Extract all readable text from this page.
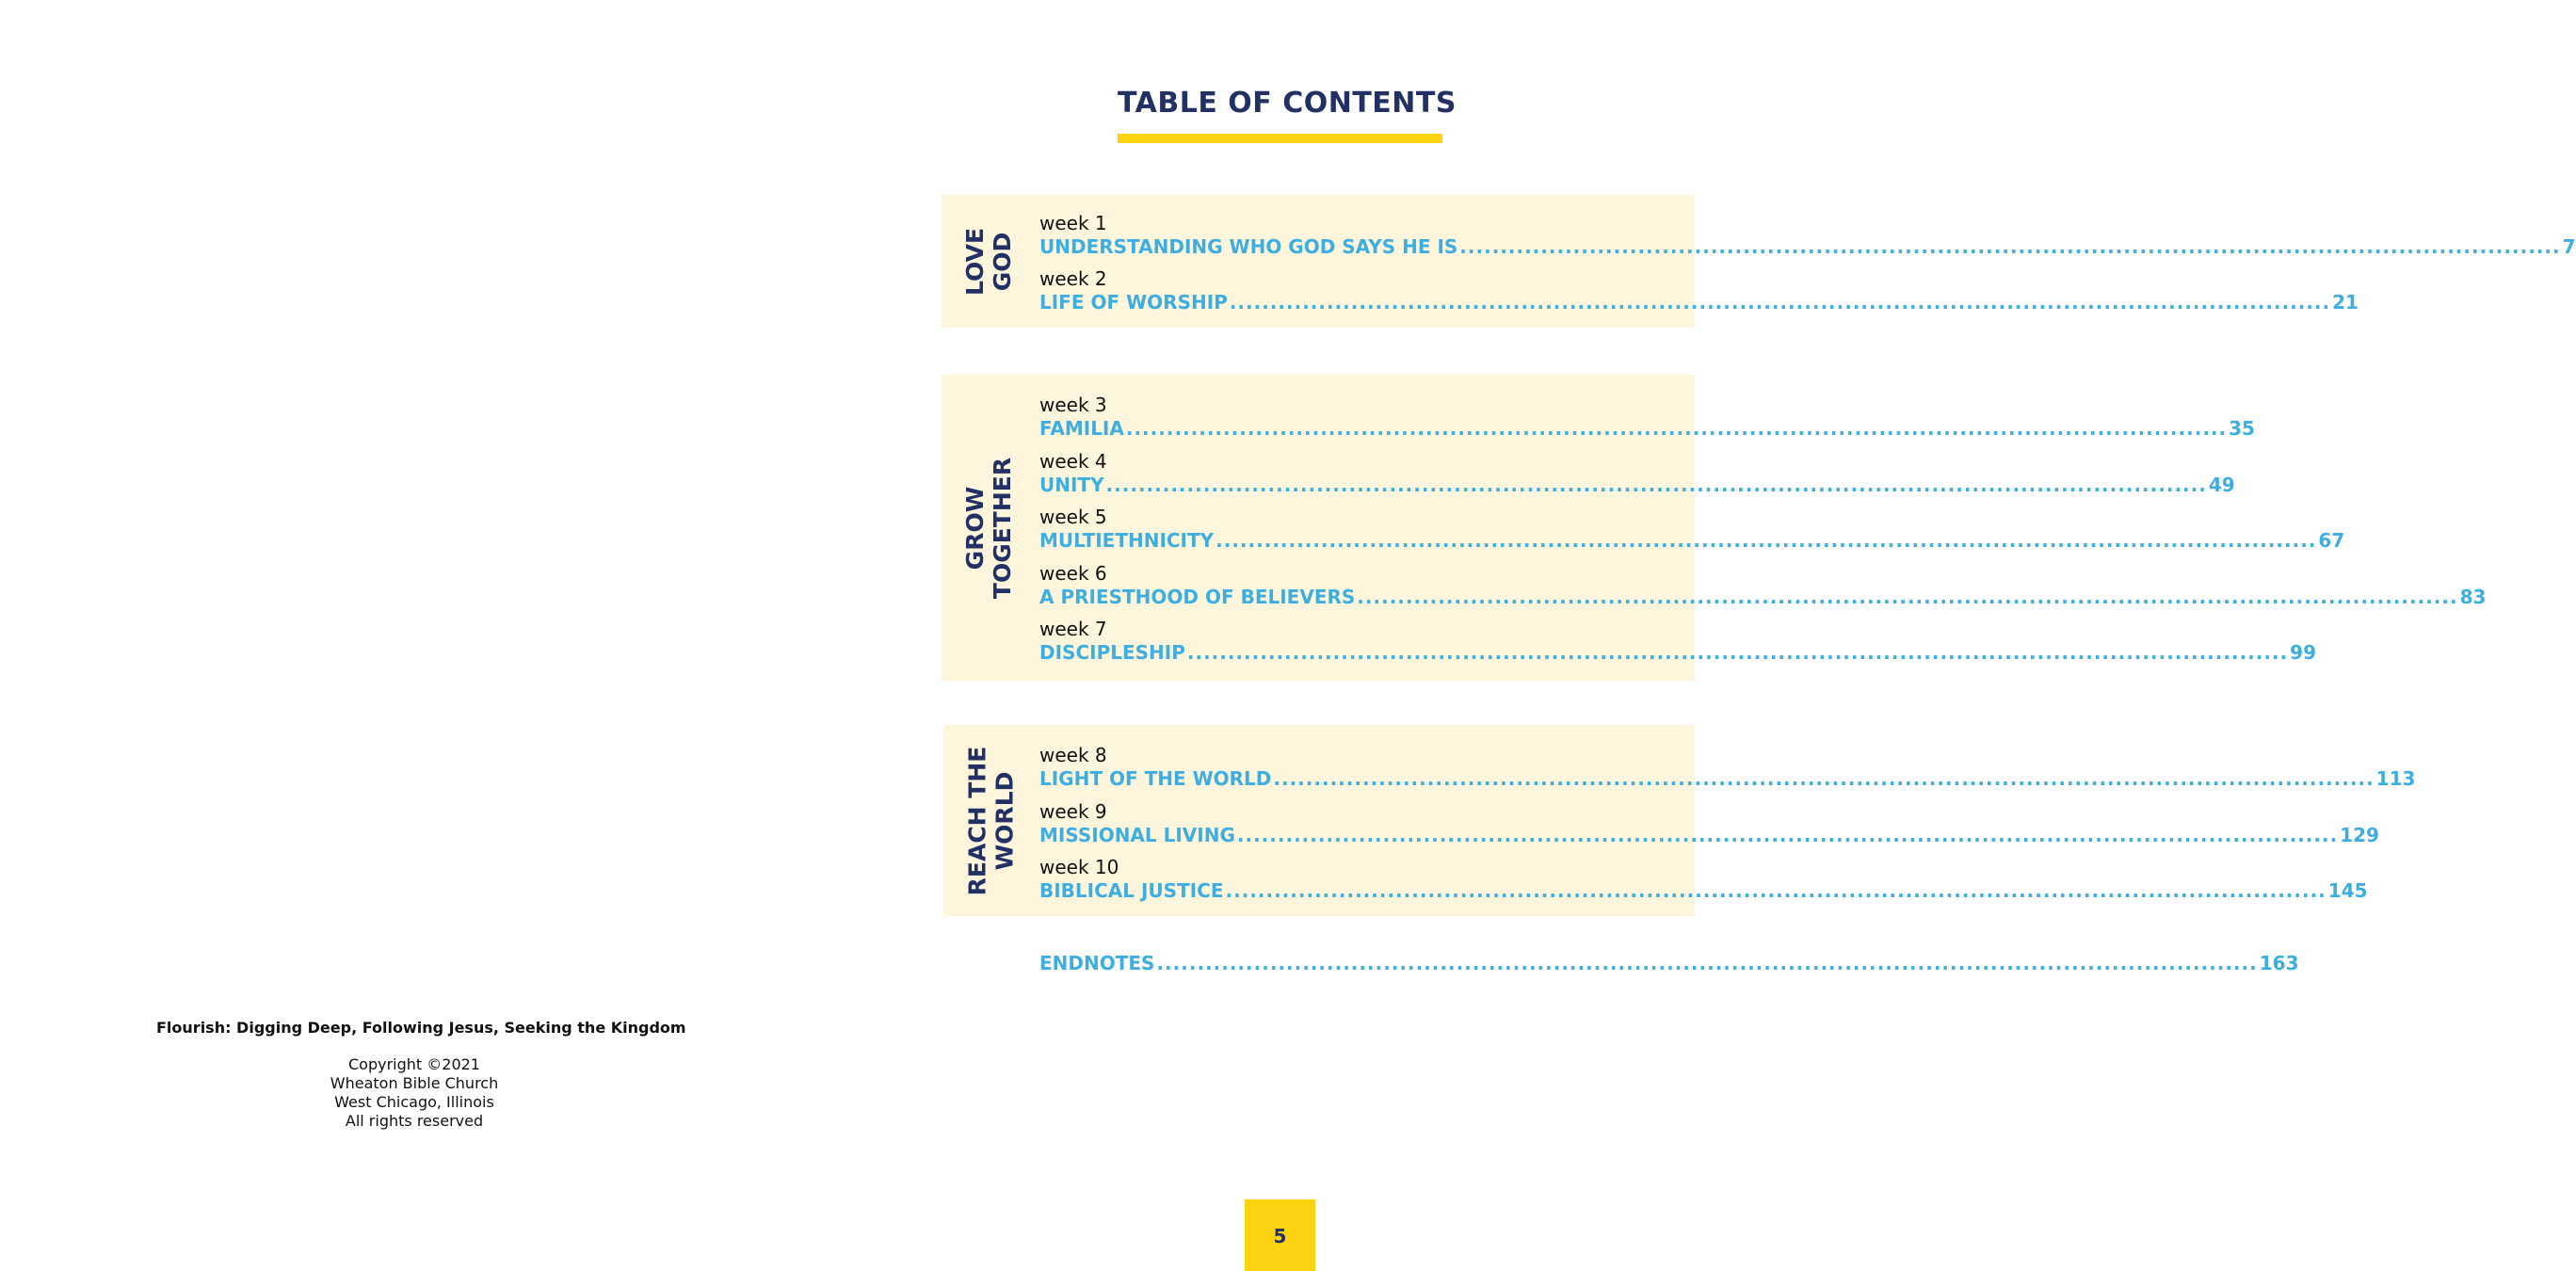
TABLE OF CONTENTS
LOVE GOD
week 1
UNDERSTANDING WHO GOD SAYS HE IS ........................................................................................................................................ 7
week 2
LIFE OF WORSHIP ........................................................................................................................................ 21
GROW TOGETHER
week 3
FAMILIA ........................................................................................................................................ 35
week 4
UNITY ........................................................................................................................................ 49
week 5
MULTIETHNICITY ........................................................................................................................................ 67
week 6
A PRIESTHOOD OF BELIEVERS ........................................................................................................................................ 83
week 7
DISCIPLESHIP ........................................................................................................................................ 99
REACH THE WORLD
week 8
LIGHT OF THE WORLD ........................................................................................................................................ 113
week 9
MISSIONAL LIVING ........................................................................................................................................ 129
week 10
BIBLICAL JUSTICE ........................................................................................................................................ 145
ENDNOTES ........................................................................................................................................ 163
Flourish: Digging Deep, Following Jesus, Seeking the Kingdom
Copyright ©2021
Wheaton Bible Church
West Chicago, Illinois
All rights reserved
5
